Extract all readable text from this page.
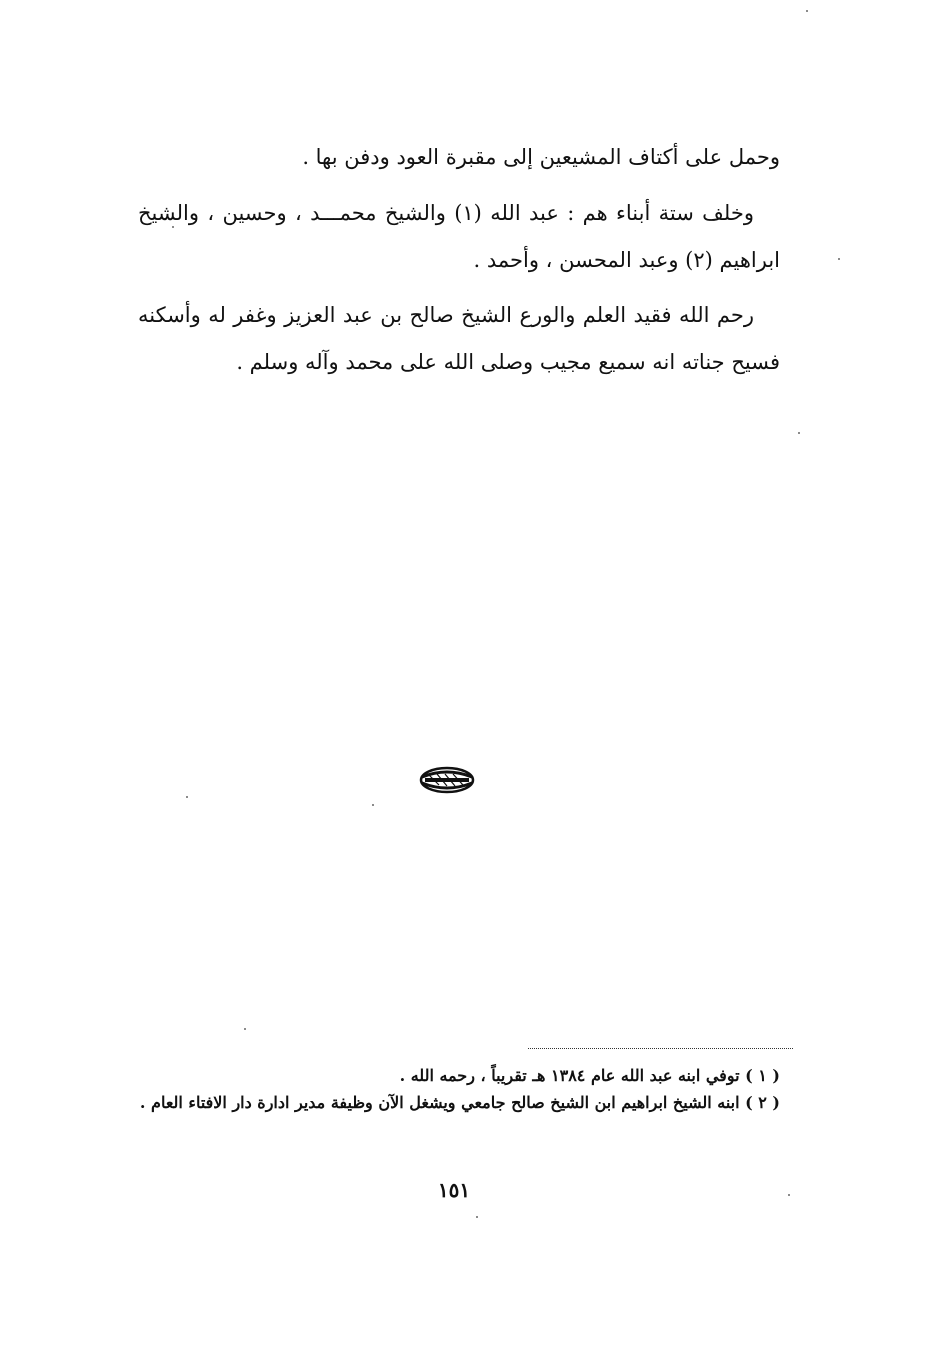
وحمل على أكتاف المشيعين إلى مقبرة العود ودفن بها .

وخلف ستة أبناء هم : عبد الله (١) والشيخ محمـــد ، وحسين ، والشيخ ابراهيم (٢) وعبد المحسن ، وأحمد .

رحم الله فقيد العلم والورع الشيخ صالح بن عبد العزيز وغفر له وأسكنه فسيح جناته انه سميع مجيب وصلى الله على محمد وآله وسلم .

( ١ ) توفي ابنه عبد الله عام ١٣٨٤ هـ تقريباً ، رحمه الله .

( ٢ ) ابنه الشيخ ابراهيم ابن الشيخ صالح جامعي ويشغل الآن وظيفة مدير ادارة دار الافتاء العام .

١٥١
